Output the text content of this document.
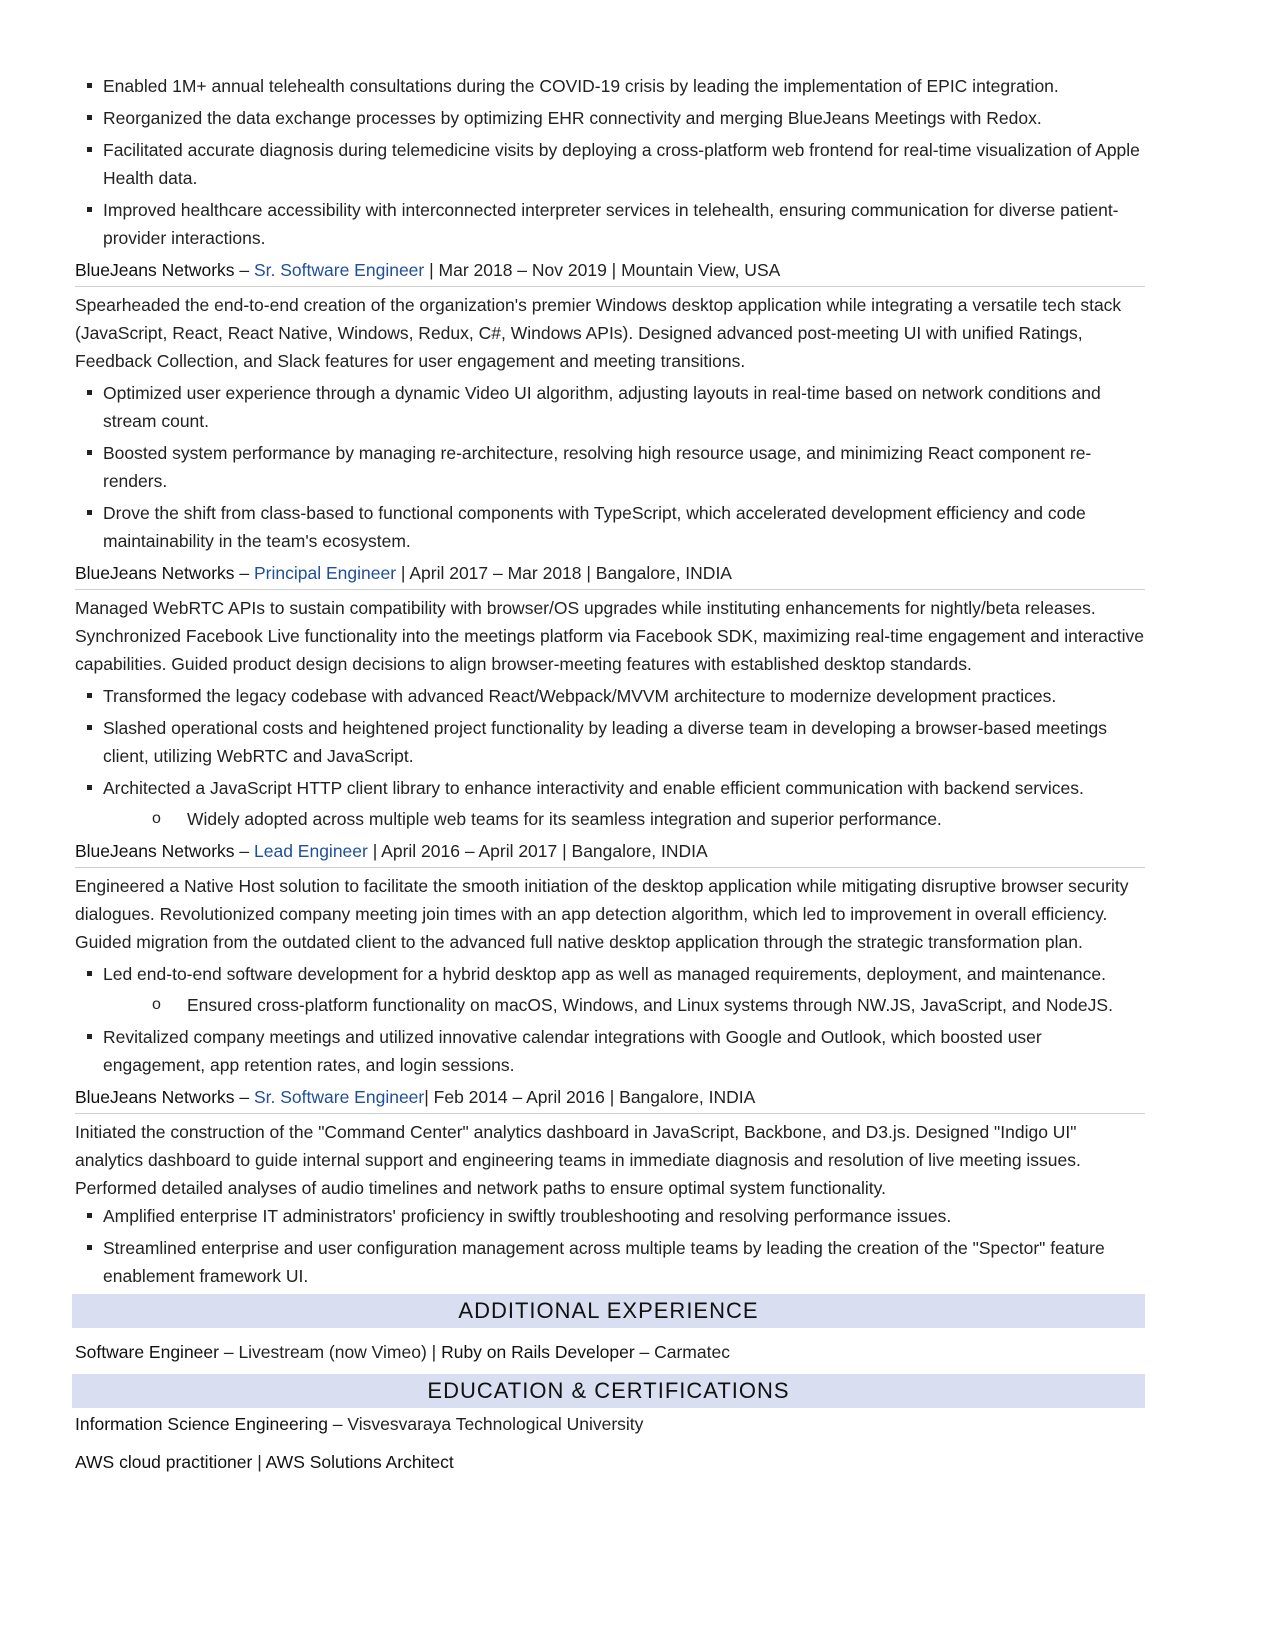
Enabled 1M+ annual telehealth consultations during the COVID-19 crisis by leading the implementation of EPIC integration.
Reorganized the data exchange processes by optimizing EHR connectivity and merging BlueJeans Meetings with Redox.
Facilitated accurate diagnosis during telemedicine visits by deploying a cross-platform web frontend for real-time visualization of Apple Health data.
Improved healthcare accessibility with interconnected interpreter services in telehealth, ensuring communication for diverse patient-provider interactions.
BlueJeans Networks – Sr. Software Engineer | Mar 2018 – Nov 2019 | Mountain View, USA

Spearheaded the end-to-end creation of the organization's premier Windows desktop application while integrating a versatile tech stack (JavaScript, React, React Native, Windows, Redux, C#, Windows APIs). Designed advanced post-meeting UI with unified Ratings, Feedback Collection, and Slack features for user engagement and meeting transitions.

Optimized user experience through a dynamic Video UI algorithm, adjusting layouts in real-time based on network conditions and stream count.
Boosted system performance by managing re-architecture, resolving high resource usage, and minimizing React component re-renders.
Drove the shift from class-based to functional components with TypeScript, which accelerated development efficiency and code maintainability in the team's ecosystem.
BlueJeans Networks – Principal Engineer | April 2017 – Mar 2018 | Bangalore, INDIA

Managed WebRTC APIs to sustain compatibility with browser/OS upgrades while instituting enhancements for nightly/beta releases. Synchronized Facebook Live functionality into the meetings platform via Facebook SDK, maximizing real-time engagement and interactive capabilities. Guided product design decisions to align browser-meeting features with established desktop standards.

Transformed the legacy codebase with advanced React/Webpack/MVVM architecture to modernize development practices.
Slashed operational costs and heightened project functionality by leading a diverse team in developing a browser-based meetings client, utilizing WebRTC and JavaScript.
Architected a JavaScript HTTP client library to enhance interactivity and enable efficient communication with backend services.
o Widely adopted across multiple web teams for its seamless integration and superior performance.
BlueJeans Networks – Lead Engineer | April 2016 – April 2017 | Bangalore, INDIA

Engineered a Native Host solution to facilitate the smooth initiation of the desktop application while mitigating disruptive browser security dialogues. Revolutionized company meeting join times with an app detection algorithm, which led to improvement in overall efficiency. Guided migration from the outdated client to the advanced full native desktop application through the strategic transformation plan.

Led end-to-end software development for a hybrid desktop app as well as managed requirements, deployment, and maintenance.
o Ensured cross-platform functionality on macOS, Windows, and Linux systems through NW.JS, JavaScript, and NodeJS.
Revitalized company meetings and utilized innovative calendar integrations with Google and Outlook, which boosted user engagement, app retention rates, and login sessions.
BlueJeans Networks – Sr. Software Engineer| Feb 2014 – April 2016 | Bangalore, INDIA

Initiated the construction of the "Command Center" analytics dashboard in JavaScript, Backbone, and D3.js. Designed "Indigo UI" analytics dashboard to guide internal support and engineering teams in immediate diagnosis and resolution of live meeting issues. Performed detailed analyses of audio timelines and network paths to ensure optimal system functionality.

Amplified enterprise IT administrators' proficiency in swiftly troubleshooting and resolving performance issues.
Streamlined enterprise and user configuration management across multiple teams by leading the creation of the "Spector" feature enablement framework UI.
ADDITIONAL EXPERIENCE

Software Engineer – Livestream (now Vimeo) | Ruby on Rails Developer – Carmatec

EDUCATION & CERTIFICATIONS

Information Science Engineering – Visvesvaraya Technological University

AWS cloud practitioner | AWS Solutions Architect
